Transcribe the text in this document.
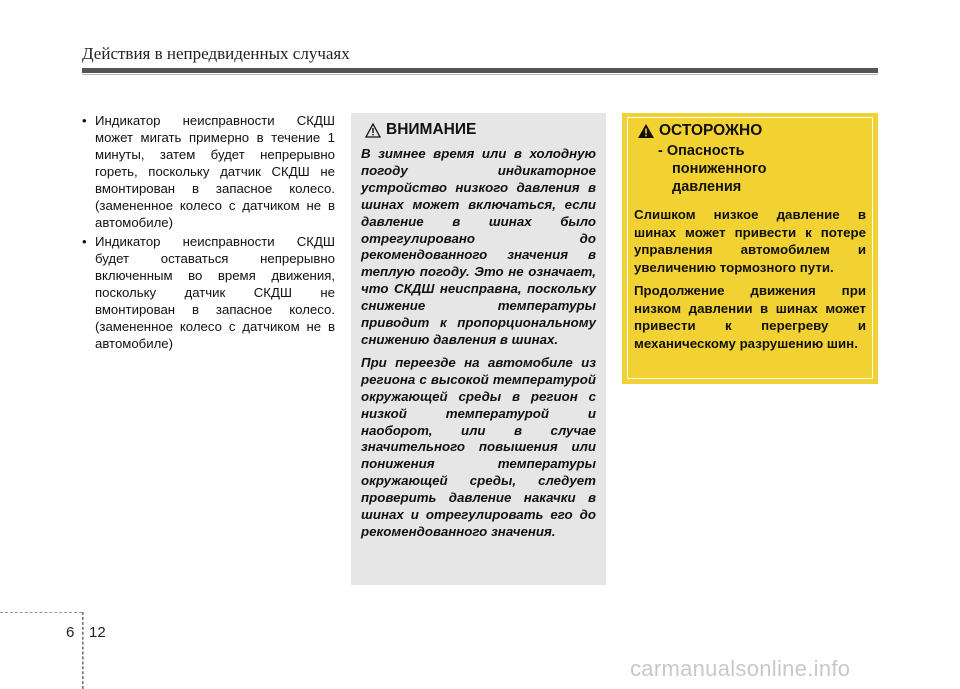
Действия в непредвиденных случаях
• Индикатор неисправности СКДШ может мигать примерно в течение 1 минуты, затем будет непрерывно гореть, поскольку датчик СКДШ не вмонтирован в запасное колесо. (замененное колесо с датчиком не в автомобиле)
• Индикатор неисправности СКДШ будет оставаться непрерывно включенным во время движения, поскольку датчик СКДШ не вмонтирован в запасное колесо. (замененное колесо с датчиком не в автомобиле)
ВНИМАНИЕ

В зимнее время или в холодную погоду индикаторное устройство низкого давления в шинах может включаться, если давление в шинах было отрегулировано до рекомендованного значения в теплую погоду. Это не означает, что СКДШ неисправна, поскольку снижение температуры приводит к пропорциональному снижению давления в шинах.

При переезде на автомобиле из региона с высокой температурой окружающей среды в регион с низкой температурой и наоборот, или в случае значительного повышения или понижения температуры окружающей среды, следует проверить давление накачки в шинах и отрегулировать его до рекомендованного значения.

ОСТОРОЖНО
- Опасность
пониженного
давления

Слишком низкое давление в шинах может привести к потере управления автомобилем и увеличению тормозного пути.

Продолжение движения при низком давлении в шинах может привести к перегреву и механическому разрушению шин.

6 12
carmanualsonline.info
